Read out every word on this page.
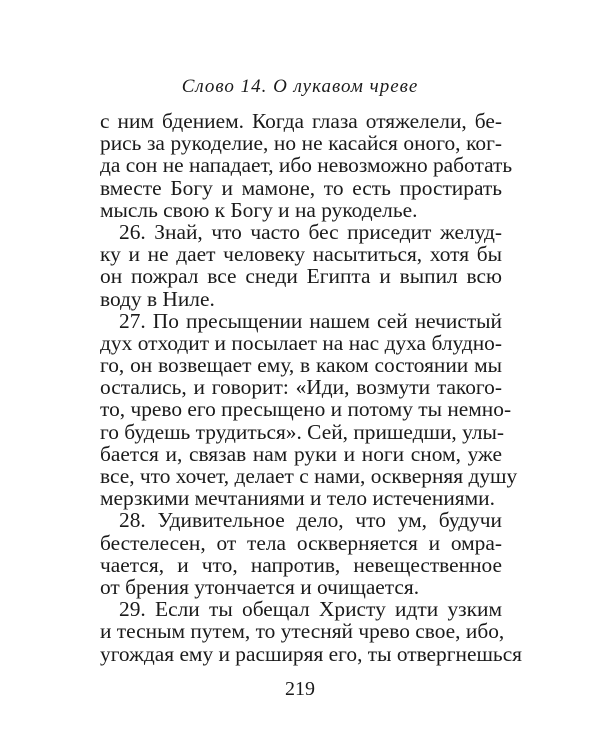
Слово 14. О лукавом чреве
с ним бдением. Когда глаза отяжелели, бе-
рись за рукоделие, но не касайся оного, ког-
да сон не нападает, ибо невозможно работать
вместе Богу и мамоне, то есть простирать
мысль свою к Богу и на рукоделье.
26. Знай, что часто бес приседит желуд-
ку и не дает человеку насытиться, хотя бы
он пожрал все снеди Египта и выпил всю
воду в Ниле.
27. По пресыщении нашем сей нечистый
дух отходит и посылает на нас духа блудно-
го, он возвещает ему, в каком состоянии мы
остались, и говорит: «Иди, возмути такого-
то, чрево его пресыщено и потому ты немно-
го будешь трудиться». Сей, пришедши, улы-
бается и, связав нам руки и ноги сном, уже
все, что хочет, делает с нами, оскверняя душу
мерзкими мечтаниями и тело истечениями.
28. Удивительное дело, что ум, будучи
бестелесен, от тела оскверняется и омра-
чается, и что, напротив, невещественное
от брения утончается и очищается.
29. Если ты обещал Христу идти узким
и тесным путем, то утесняй чрево свое, ибо,
угождая ему и расширяя его, ты отвергнешься
219
